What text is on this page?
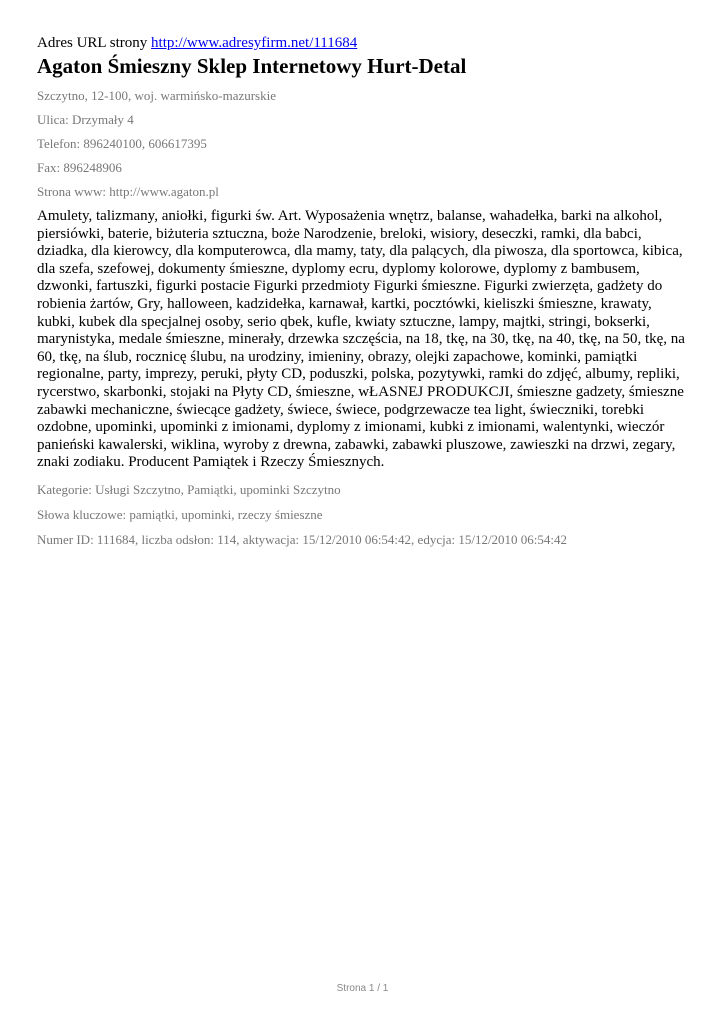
Adres URL strony http://www.adresyfirm.net/111684

Agaton Śmieszny Sklep Internetowy Hurt-Detal

Szczytno, 12-100, woj. warmińsko-mazurskie

Ulica: Drzymały 4

Telefon: 896240100, 606617395

Fax: 896248906

Strona www: http://www.agaton.pl

Amulety, talizmany, aniołki, figurki św. Art. Wyposażenia wnętrz, balanse, wahadełka, barki na alkohol, piersiówki, baterie, biżuteria sztuczna, boże Narodzenie, breloki, wisiory, deseczki, ramki, dla babci, dziadka, dla kierowcy, dla komputerowca, dla mamy, taty, dla palących, dla piwosza, dla sportowca, kibica, dla szefa, szefowej, dokumenty śmieszne, dyplomy ecru, dyplomy kolorowe, dyplomy z bambusem, dzwonki, fartuszki, figurki postacie Figurki przedmioty Figurki śmieszne. Figurki zwierzęta, gadżety do robienia żartów, Gry, halloween, kadzidełka, karnawał, kartki, pocztówki, kieliszki śmieszne, krawaty, kubki, kubek dla specjalnej osoby, serio qbek, kufle, kwiaty sztuczne, lampy, majtki, stringi, bokserki, marynistyka, medale śmieszne, minerały, drzewka szczęścia, na 18, tkę, na 30, tkę, na 40, tkę, na 50, tkę, na 60, tkę, na ślub, rocznicę ślubu, na urodziny, imieniny, obrazy, olejki zapachowe, kominki, pamiątki regionalne, party, imprezy, peruki, płyty CD, poduszki, polska, pozytywki, ramki do zdjęć, albumy, repliki, rycerstwo, skarbonki, stojaki na Płyty CD, śmieszne, wŁASNEJ PRODUKCJI, śmieszne gadzety, śmieszne zabawki mechaniczne, świecące gadżety, świece, świece, podgrzewacze tea light, świeczniki, torebki ozdobne, upominki, upominki z imionami, dyplomy z imionami, kubki z imionami, walentynki, wieczór panieński kawalerski, wiklina, wyroby z drewna, zabawki, zabawki pluszowe, zawieszki na drzwi, zegary, znaki zodiaku. Producent Pamiątek i Rzeczy Śmiesznych.

Kategorie: Usługi Szczytno, Pamiątki, upominki Szczytno

Słowa kluczowe: pamiątki, upominki, rzeczy śmieszne

Numer ID: 111684, liczba odsłon: 114, aktywacja: 15/12/2010 06:54:42, edycja: 15/12/2010 06:54:42

Strona 1 / 1
